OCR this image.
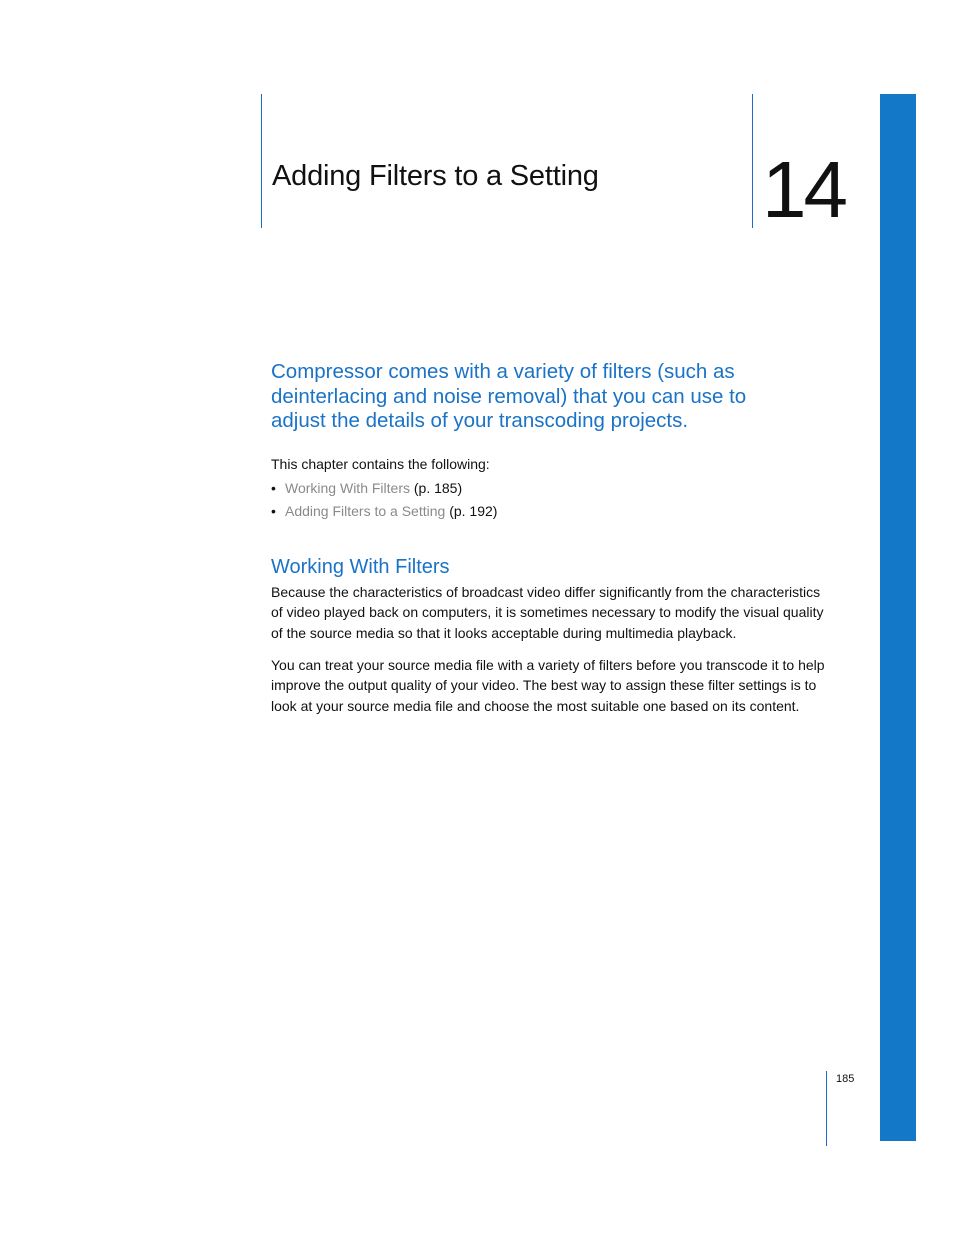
Adding Filters to a Setting 14
Compressor comes with a variety of filters (such as deinterlacing and noise removal) that you can use to adjust the details of your transcoding projects.
This chapter contains the following:
• Working With Filters (p. 185)
• Adding Filters to a Setting (p. 192)
Working With Filters
Because the characteristics of broadcast video differ significantly from the characteristics of video played back on computers, it is sometimes necessary to modify the visual quality of the source media so that it looks acceptable during multimedia playback.
You can treat your source media file with a variety of filters before you transcode it to help improve the output quality of your video. The best way to assign these filter settings is to look at your source media file and choose the most suitable one based on its content.
185
